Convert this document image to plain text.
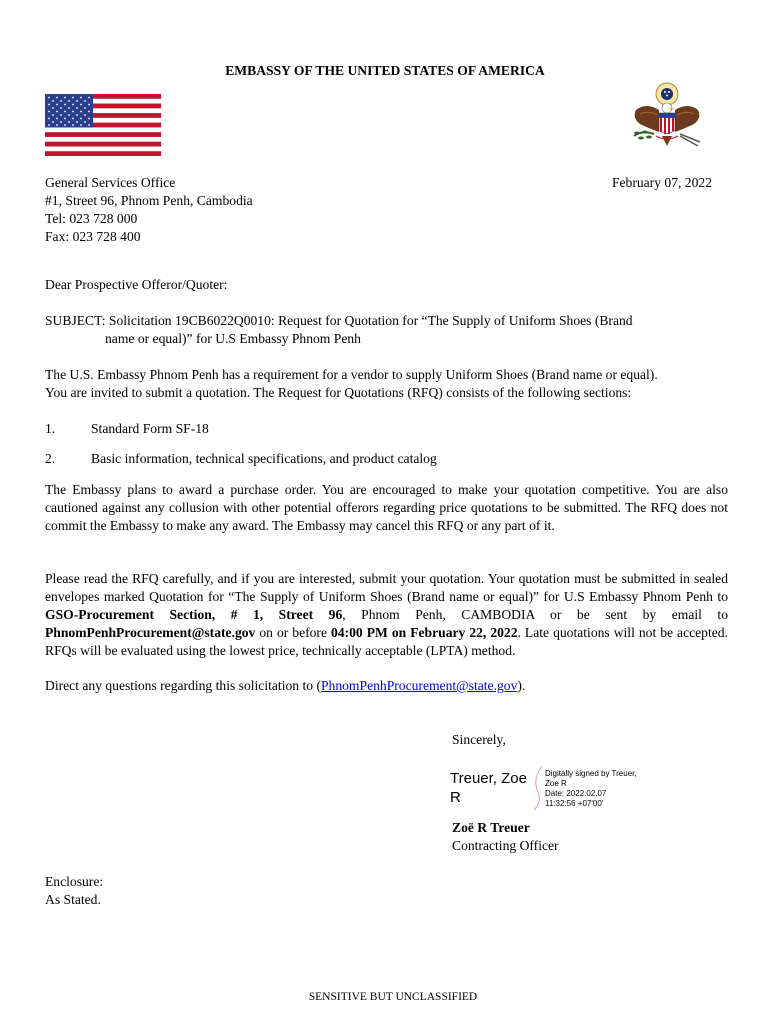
EMBASSY OF THE UNITED STATES OF AMERICA
General Services Office
#1, Street 96, Phnom Penh, Cambodia
Tel: 023 728 000
Fax: 023 728 400
February 07, 2022
Dear Prospective Offeror/Quoter:
SUBJECT: Solicitation 19CB6022Q0010: Request for Quotation for “The Supply of Uniform Shoes (Brand
name or equal)” for U.S Embassy Phnom Penh
The U.S. Embassy Phnom Penh has a requirement for a vendor to supply Uniform Shoes (Brand name or equal).
You are invited to submit a quotation. The Request for Quotations (RFQ) consists of the following sections:
1.	Standard Form SF-18
2.	Basic information, technical specifications, and product catalog
The Embassy plans to award a purchase order. You are encouraged to make your quotation competitive. You are also cautioned against any collusion with other potential offerors regarding price quotations to be submitted. The RFQ does not commit the Embassy to make any award. The Embassy may cancel this RFQ or any part of it.
Please read the RFQ carefully, and if you are interested, submit your quotation. Your quotation must be submitted in sealed envelopes marked Quotation for “The Supply of Uniform Shoes (Brand name or equal)” for U.S Embassy Phnom Penh to GSO-Procurement Section, # 1, Street 96, Phnom Penh, CAMBODIA or be sent by email to PhnomPenhProcurement@state.gov on or before 04:00 PM on February 22, 2022. Late quotations will not be accepted. RFQs will be evaluated using the lowest price, technically acceptable (LPTA) method.
Direct any questions regarding this solicitation to (PhnomPenhProcurement@state.gov).
Sincerely,
Treuer, Zoe
R
Digitally signed by Treuer,
Zoe R
Date: 2022.02.07
11:32:56 +07'00'
Zoë R Treuer
Contracting Officer
Enclosure:
As Stated.
SENSITIVE BUT UNCLASSIFIED
